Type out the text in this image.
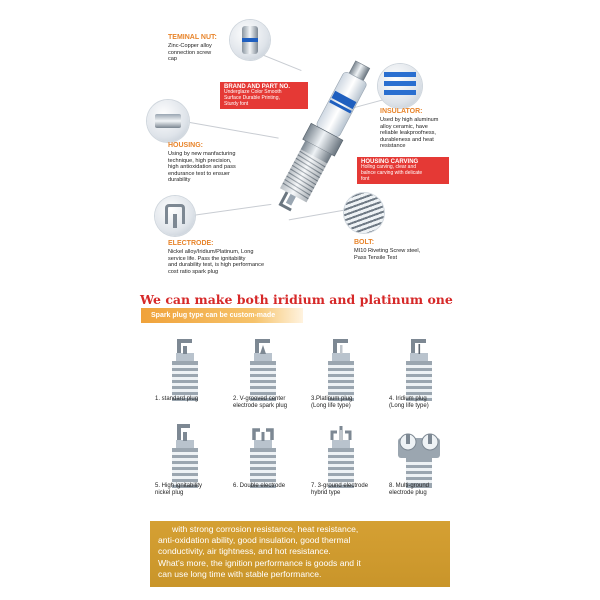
TEMINAL NUT:
Zinc-Copper alloy
connection screw
cap
BRAND AND PART NO.
Underglaze Color Smooth
Surface Durable Printing,
Sturdy font
INSULATOR:
Used by high aluminum
alloy ceramic, have
reliable leakproofness,
durableness and heat
resistance
HOUSING:
Using by new manfacturing
technique, high precision,
high antioxidation and pass
endurance test to ensuer
durability
HOUSING CARVING
Hollng carving, clear and
balnce carving with delicate
font
ELECTRODE:
Nickel alloy/Iridium/Platinum, Long
service life. Pass the ignitability
and durability test, is high performance
cost ratio spark plug
BOLT:
MI10 Riveting Screw steel,
Pass Tensile Test
We can make both iridium and platinum one
Spark plug type can be custom-made
1. standard plug	2. V-grooved center
electrode spark plug
3.Platinum plug
(Long life type)
4. Iridium plug
(Long life type)
5. High ignitability
nickel plug
6. Double electrode	7. 3-ground electrode
hybrid type
8. Multi-ground
electrode plug
with strong corrosion resistance, heat resistance,
anti-oxidation ability, good insulation, good thermal
conductivity, air tightness, and hot resistance.
What's more, the ignition performance is goods and it
can use long time with stable performance.
